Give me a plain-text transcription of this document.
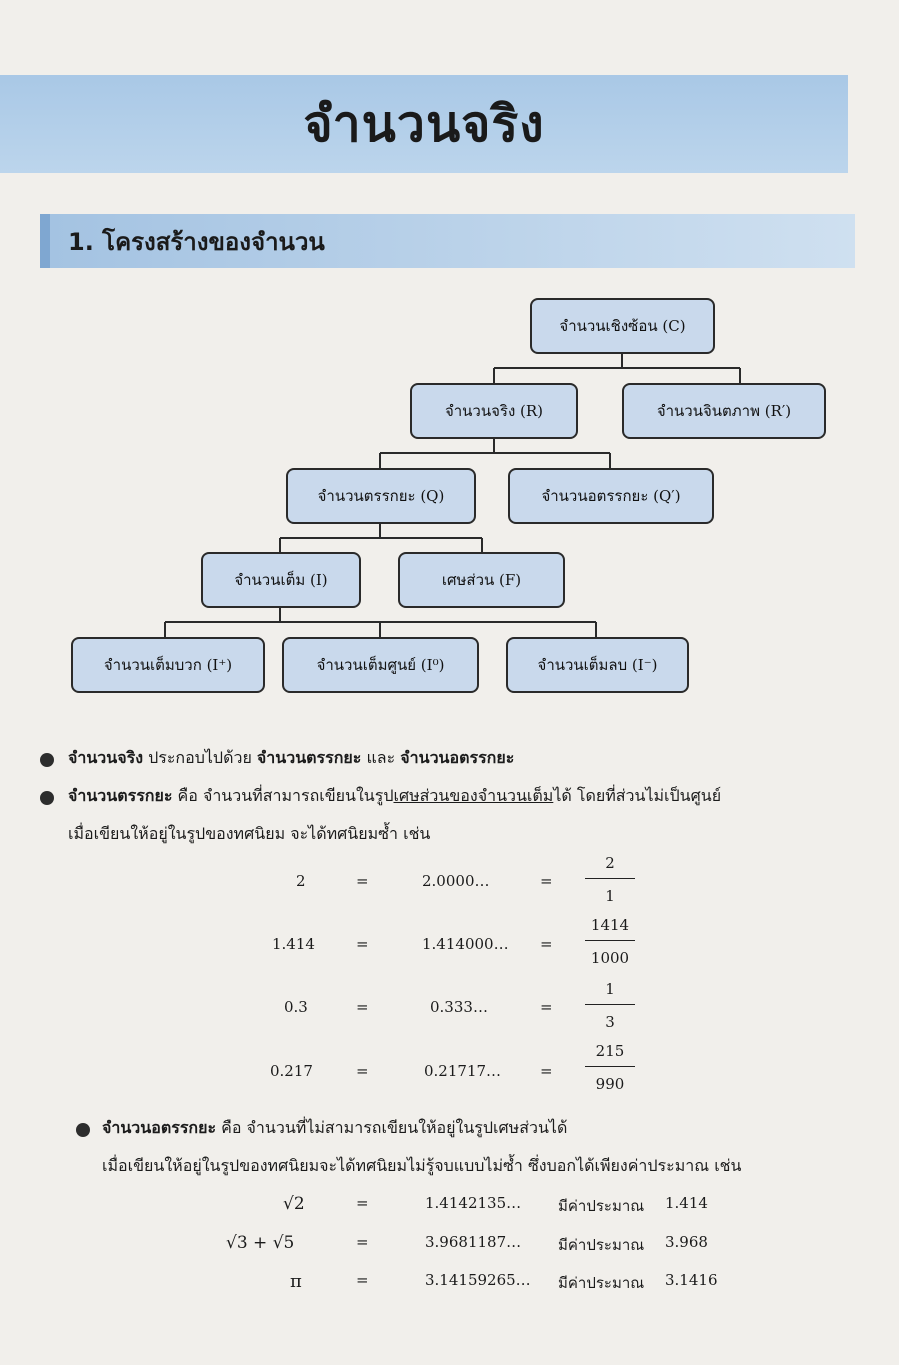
จำนวนจริง
1. โครงสร้างของจำนวน
จำนวนเชิงซ้อน (C)
จำนวนจริง (R)	จำนวนจินตภาพ (R′)
จำนวนตรรกยะ (Q)	จำนวนอตรรกยะ (Q′)
จำนวนเต็ม (I)	เศษส่วน (F)
จำนวนเต็มบวก (I⁺)	จำนวนเต็มศูนย์ (I⁰)	จำนวนเต็มลบ (I⁻)
จำนวนจริง ประกอบไปด้วย จำนวนตรรกยะ และ จำนวนอตรรกยะ
จำนวนตรรกยะ คือ จำนวนที่สามารถเขียนในรูปเศษส่วนของจำนวนเต็มได้ โดยที่ส่วนไม่เป็นศูนย์
เมื่อเขียนให้อยู่ในรูปของทศนิยม จะได้ทศนิยมซ้ำ เช่น
2	=	2.0000…	= $\frac{2}{1}$
1.414	=	1.414000… = $\frac{1414}{1000}$
0.3	=	0.333…	= $\frac{1}{3}$
0.217	=	0.21717…	= $\frac{215}{990}$
จำนวนอตรรกยะ คือ จำนวนที่ไม่สามารถเขียนให้อยู่ในรูปเศษส่วนได้
เมื่อเขียนให้อยู่ในรูปของทศนิยมจะได้ทศนิยมไม่รู้จบแบบไม่ซ้ำ ซึ่งบอกได้เพียงค่าประมาณ เช่น
√2	=	1.4142135… มีค่าประมาณ 1.414
√3 + √5	=	3.9681187… มีค่าประมาณ 3.968
π	=	3.14159265… มีค่าประมาณ 3.1416
